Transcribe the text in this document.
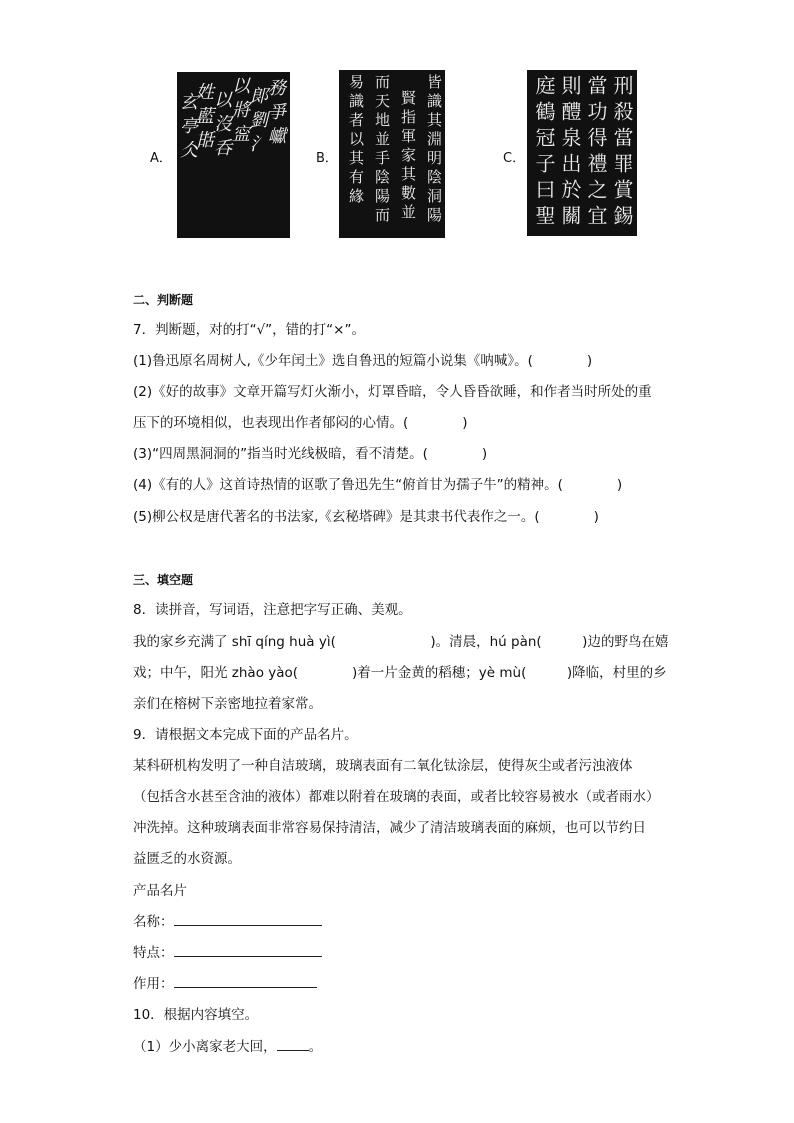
A．
務爭巘
郞劉氵
以將寍
以沒呑
姓藍甛
玄亭仌	B．	皆識其淵明陰洞陽
賢指軍家其數並
而天地並手陰陽而
易識者以其有緣	C．	刑殺當罪賞錫
當功得禮之宜
則醴泉出於關
庭鶴冠子曰聖
二、判断题
7．判断题，对的打“√”，错的打“×”。
(1)鲁迅原名周树人,《少年闰土》选自鲁迅的短篇小说集《呐喊》。(　　　　)
(2)《好的故事》文章开篇写灯火渐小，灯罩昏暗，令人昏昏欲睡，和作者当时所处的重
压下的环境相似，也表现出作者郁闷的心情。(　　　　)
(3)“四周黑洞洞的”指当时光线极暗，看不清楚。(　　　　)
(4)《有的人》这首诗热情的讴歌了鲁迅先生“俯首甘为孺子牛”的精神。(　　　　)
(5)柳公权是唐代著名的书法家,《玄秘塔碑》是其隶书代表作之一。(　　　　)
三、填空题
8．读拼音，写词语，注意把字写正确、美观。
我的家乡充满了 shī qíng huà yì(　　　　　　　)。清晨，hú pàn(　　　)边的野鸟在嬉
戏；中午，阳光 zhào yào(　　　　)着一片金黄的稻穗；yè mù(　　　)降临，村里的乡
亲们在榕树下亲密地拉着家常。
9．请根据文本完成下面的产品名片。
某科研机构发明了一种自洁玻璃，玻璃表面有二氧化钛涂层，使得灰尘或者污浊液体
（包括含水甚至含油的液体）都难以附着在玻璃的表面，或者比较容易被水（或者雨水）
冲洗掉。这种玻璃表面非常容易保持清洁，减少了清洁玻璃表面的麻烦，也可以节约日
益匮乏的水资源。
产品名片
名称：
特点：
作用：
10．根据内容填空。
（1）少小离家老大回， 。
